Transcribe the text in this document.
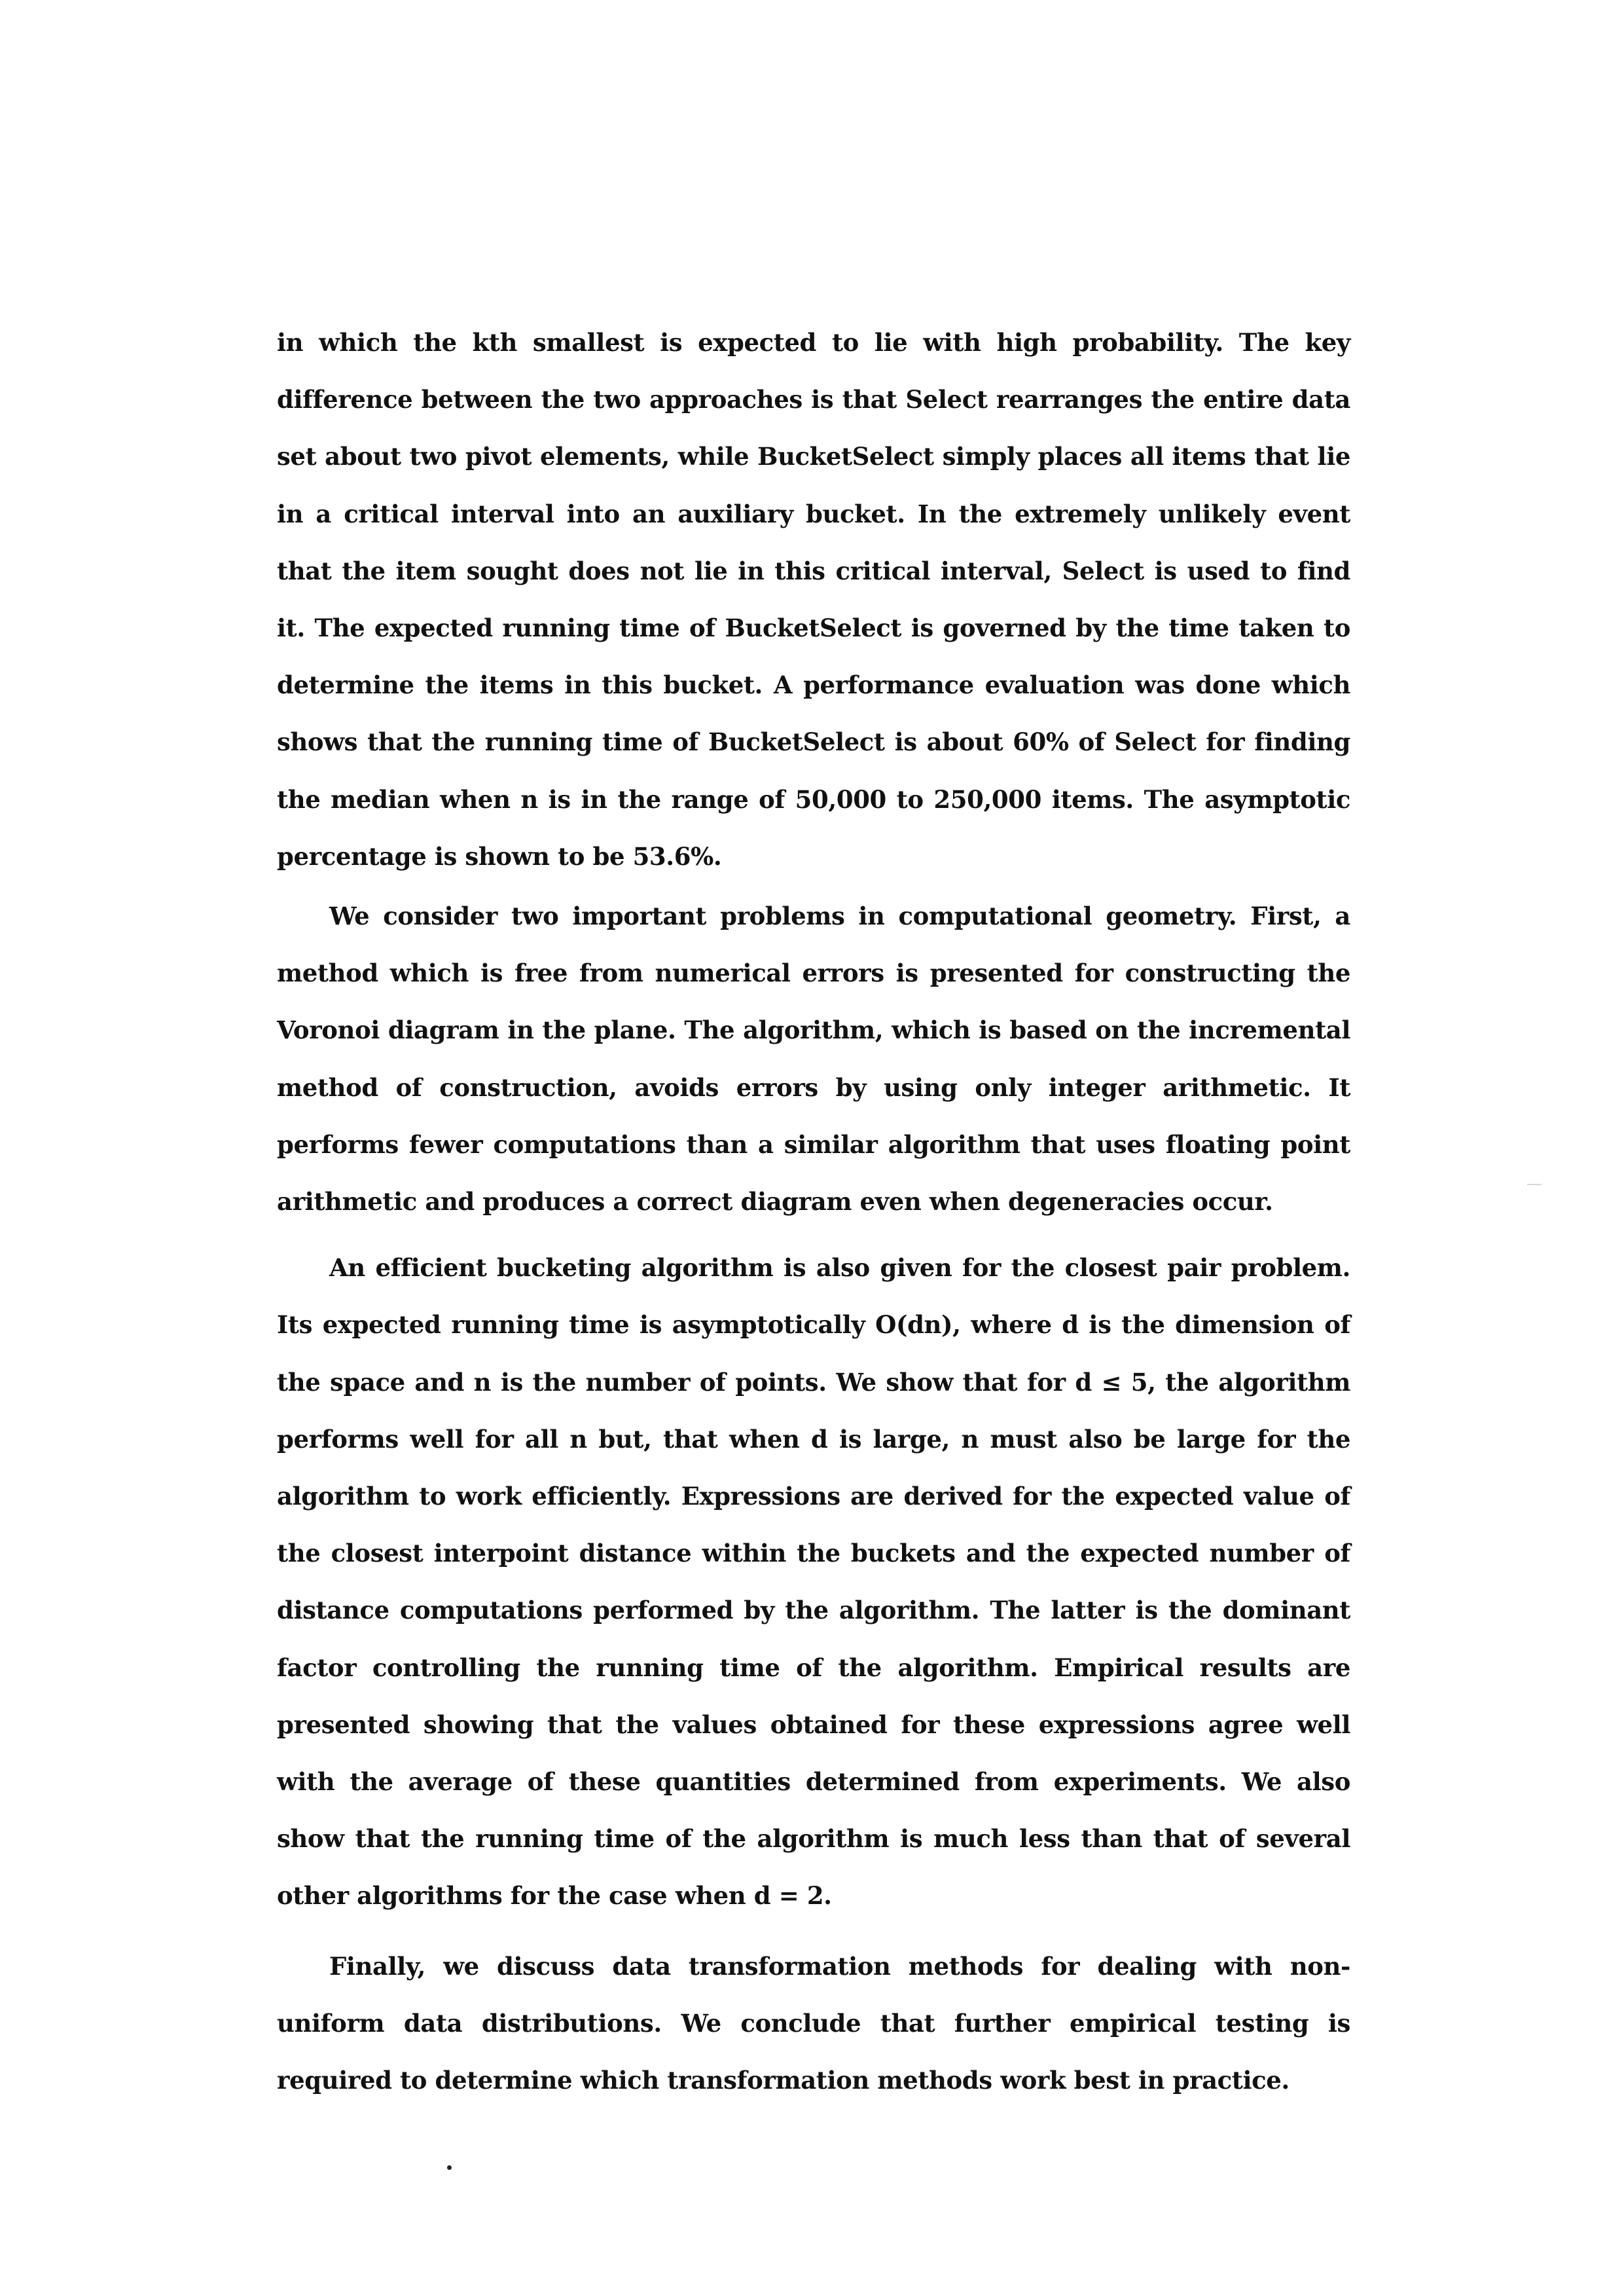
in which the kth smallest is expected to lie with high probability. The key difference between the two approaches is that Select rearranges the entire data set about two pivot elements, while BucketSelect simply places all items that lie in a critical interval into an auxiliary bucket. In the extremely unlikely event that the item sought does not lie in this critical interval, Select is used to find it. The expected running time of BucketSelect is governed by the time taken to determine the items in this bucket. A performance evaluation was done which shows that the running time of BucketSelect is about 60% of Select for finding the median when n is in the range of 50,000 to 250,000 items. The asymptotic percentage is shown to be 53.6%.

We consider two important problems in computational geometry. First, a method which is free from numerical errors is presented for constructing the Voronoi diagram in the plane. The algorithm, which is based on the incremental method of construction, avoids errors by using only integer arithmetic. It performs fewer computations than a similar algorithm that uses floating point arithmetic and produces a correct diagram even when degeneracies occur.

An efficient bucketing algorithm is also given for the closest pair problem. Its expected running time is asymptotically O(dn), where d is the dimension of the space and n is the number of points. We show that for d ≤ 5, the algorithm performs well for all n but, that when d is large, n must also be large for the algorithm to work efficiently. Expressions are derived for the expected value of the closest interpoint distance within the buckets and the expected number of distance computations performed by the algorithm. The latter is the dominant factor controlling the running time of the algorithm. Empirical results are presented showing that the values obtained for these expressions agree well with the average of these quantities determined from experiments. We also show that the running time of the algorithm is much less than that of several other algorithms for the case when d = 2.

Finally, we discuss data transformation methods for dealing with non-uniform data distributions. We conclude that further empirical testing is required to determine which transformation methods work best in practice.
